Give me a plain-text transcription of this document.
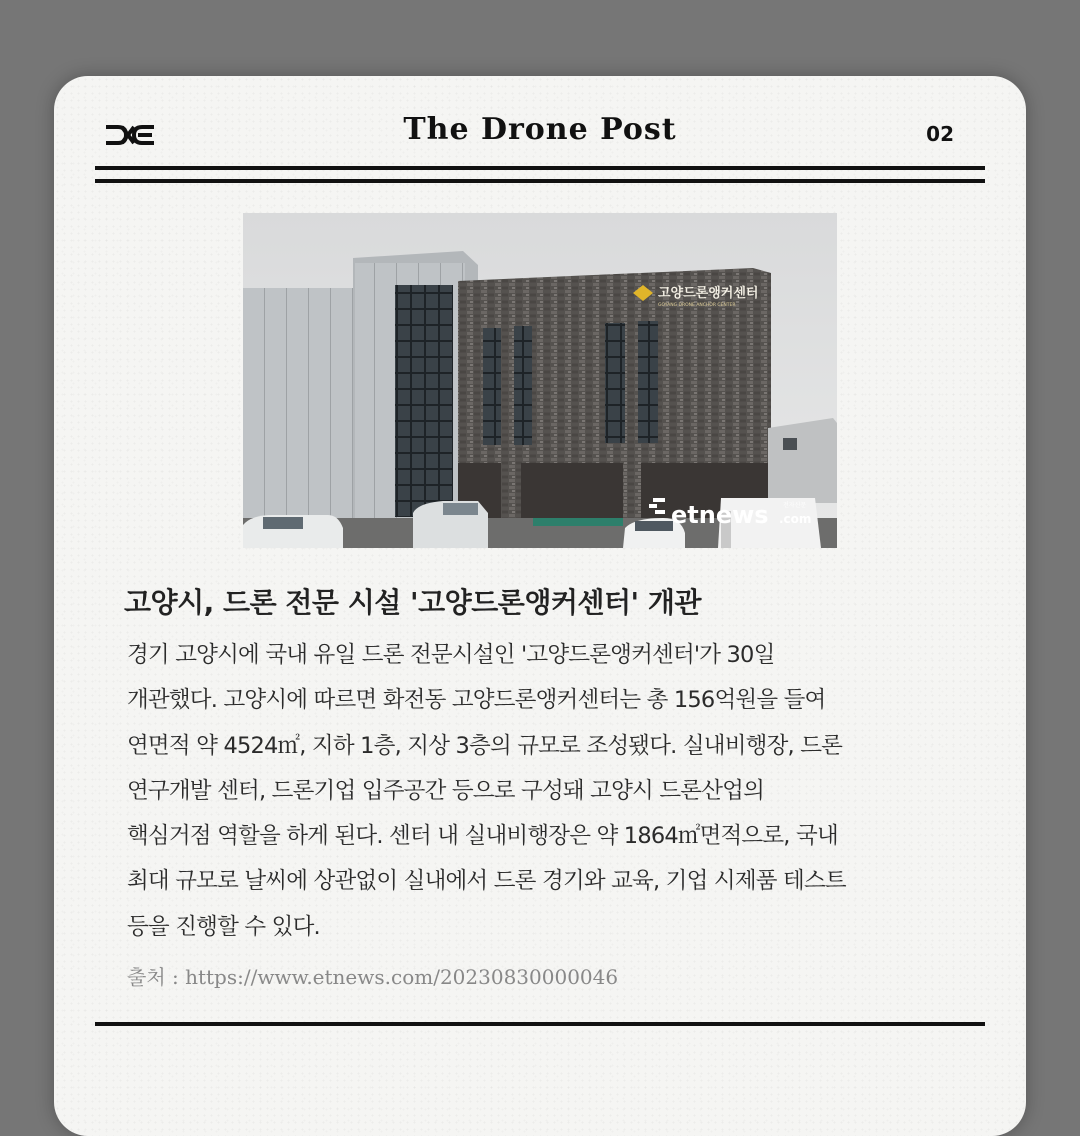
The Drone Post	02
고양드론앵커센터
GOYANG DRONE ANCHOR CENTER
etnews .com
전자신문
고양시, 드론 전문 시설 '고양드론앵커센터' 개관
경기 고양시에 국내 유일 드론 전문시설인 '고양드론앵커센터'가 30일
개관했다. 고양시에 따르면 화전동 고양드론앵커센터는 총 156억원을 들여
연면적 약 4524㎡, 지하 1층, 지상 3층의 규모로 조성됐다. 실내비행장, 드론
연구개발 센터, 드론기업 입주공간 등으로 구성돼 고양시 드론산업의
핵심거점 역할을 하게 된다. 센터 내 실내비행장은 약 1864㎡면적으로, 국내
최대 규모로 날씨에 상관없이 실내에서 드론 경기와 교육, 기업 시제품 테스트
등을 진행할 수 있다.
출처 : https://www.etnews.com/20230830000046
